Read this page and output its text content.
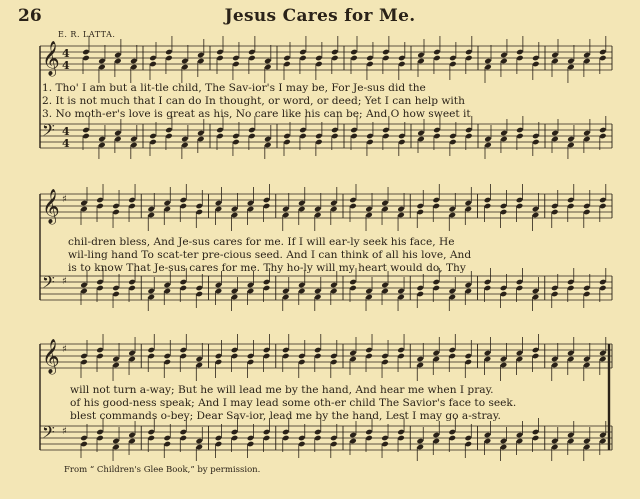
26	Jesus Cares for Me.
E. R. LATTA.
𝄞 4
4
𝄢 4
4
𝄞 ♯
𝄢 ♯
𝄞 ♯
𝄢 ♯
1. Tho' I am but a lit-tle child, The Sav-ior's I may be, For Je-sus did the
2. It is not much that I can do In thought, or word, or deed; Yet I can help with
3. No moth-er's love is great as his, No care like his can be; And O how sweet it
chil-dren bless, And Je-sus cares for me. If I will ear-ly seek his face, He
wil-ling hand To scat-ter pre-cious seed. And I can think of all his love, And
is to know That Je-sus cares for me. Thy ho-ly will my heart would do, Thy
will not turn a-way; But he will lead me by the hand, And hear me when I pray.
of his good-ness speak; And I may lead some oth-er child The Savior's face to seek.
blest commands o-bey; Dear Sav-ior, lead me by the hand, Lest I may go a-stray.
From “ Children's Glee Book,” by permission.
